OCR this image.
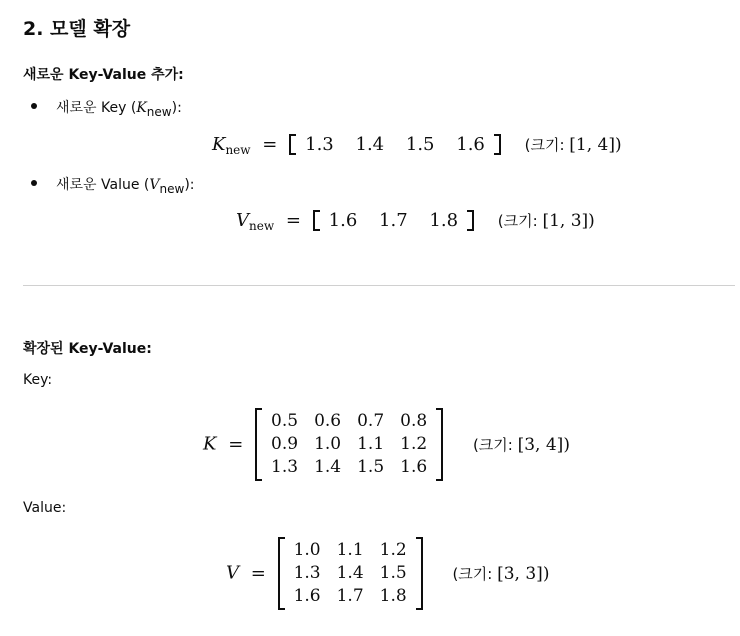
2. 모델 확장
새로운 Key-Value 추가:
새로운 Key (Knew):
$K_{new} = 1.3$ 1.4 1.5 1.6	(크기: [1, 4])
새로운 Value (Vnew):
$V_{new} = 1.6$ 1.7 1.8	(크기: [1, 3])
확장된 Key-Value:
Key:
K =
0.5	0.6	0.7	0.8
0.9	1.0	1.1	1.2
1.3	1.4	1.5	1.6
(크기: [3, 4])
Value:
V =
1.0	1.1	1.2
1.3	1.4	1.5
1.6	1.7	1.8
(크기: [3, 3])
